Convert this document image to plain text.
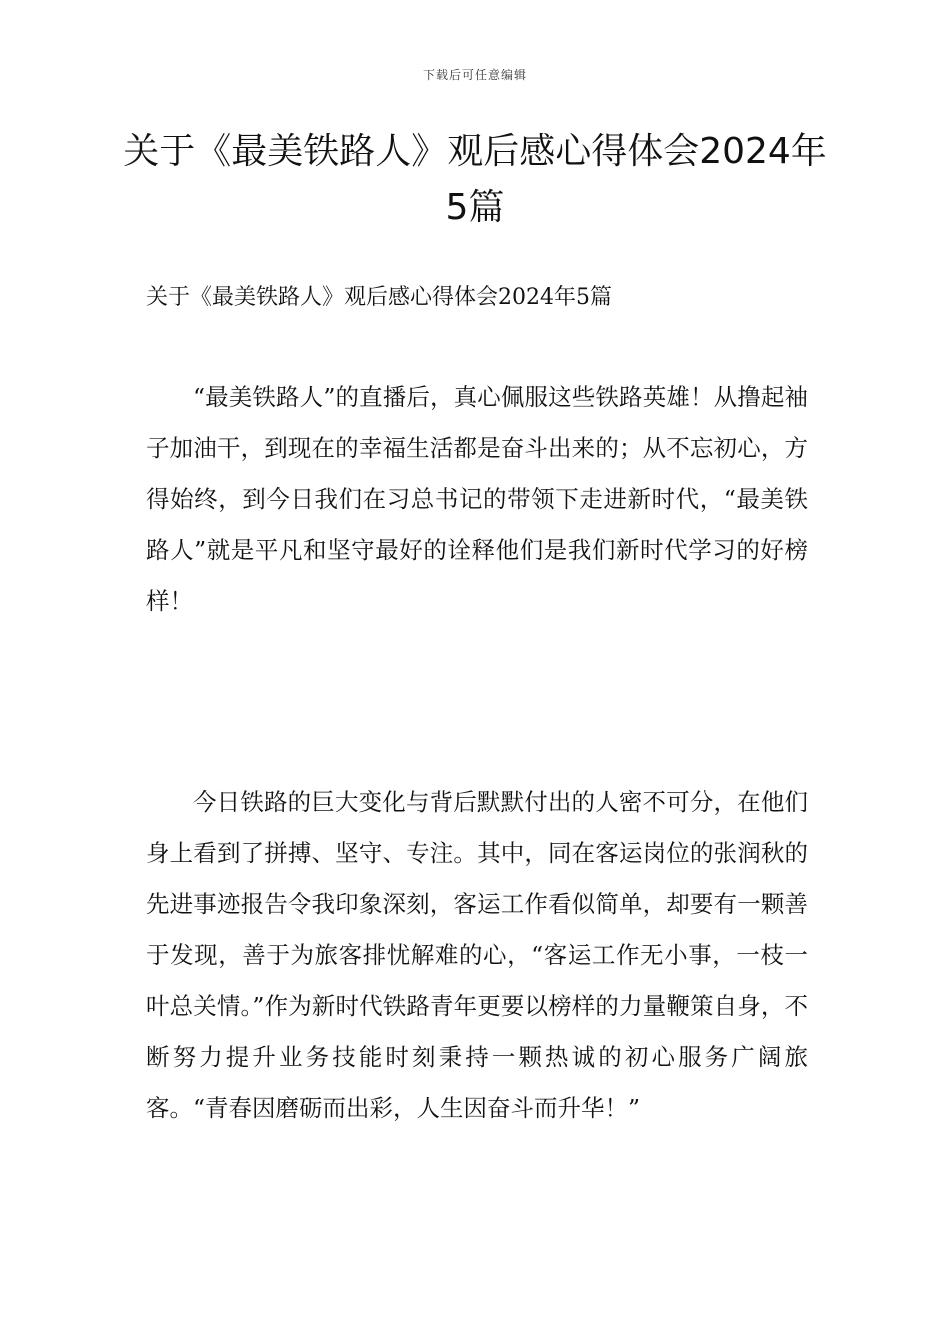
下载后可任意编辑
关于《最美铁路人》观后感心得体会2024年5篇

关于《最美铁路人》观后感心得体会2024年5篇

“最美铁路人”的直播后，真心佩服这些铁路英雄！从撸起袖子加油干，到现在的幸福生活都是奋斗出来的；从不忘初心，方得始终，到今日我们在习总书记的带领下走进新时代，“最美铁路人”就是平凡和坚守最好的诠释他们是我们新时代学习的好榜样！

今日铁路的巨大变化与背后默默付出的人密不可分，在他们身上看到了拼搏、坚守、专注。其中，同在客运岗位的张润秋的先进事迹报告令我印象深刻，客运工作看似简单，却要有一颗善于发现，善于为旅客排忧解难的心，“客运工作无小事，一枝一叶总关情。”作为新时代铁路青年更要以榜样的力量鞭策自身，不断努力提升业务技能时刻秉持一颗热诚的初心服务广阔旅客。“青春因磨砺而出彩，人生因奋斗而升华！”
